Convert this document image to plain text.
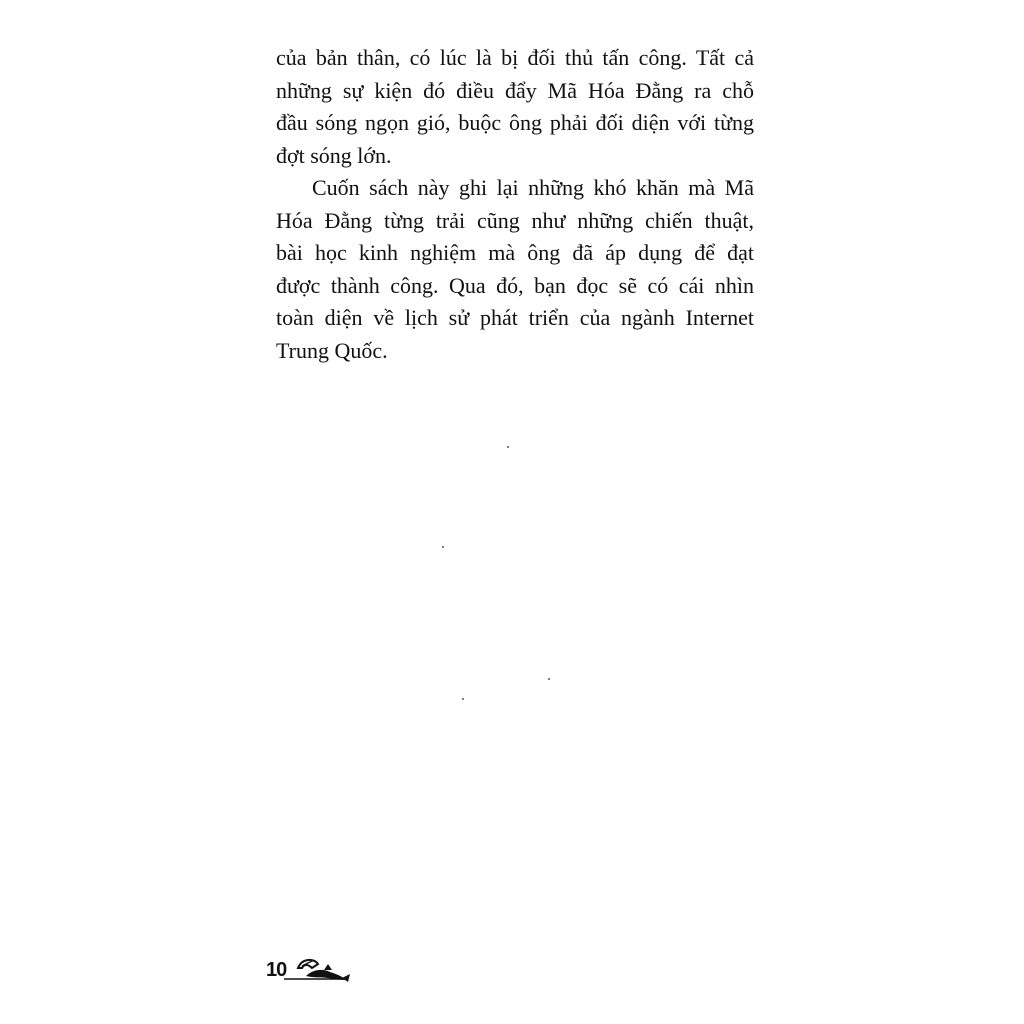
của bản thân, có lúc là bị đối thủ tấn công. Tất cả
những sự kiện đó điều đẩy Mã Hóa Đằng ra chỗ
đầu sóng ngọn gió, buộc ông phải đối diện với từng
đợt sóng lớn.
Cuốn sách này ghi lại những khó khăn mà Mã
Hóa Đằng từng trải cũng như những chiến thuật,
bài học kinh nghiệm mà ông đã áp dụng để đạt
được thành công. Qua đó, bạn đọc sẽ có cái nhìn
toàn diện về lịch sử phát triển của ngành Internet
Trung Quốc.
10
